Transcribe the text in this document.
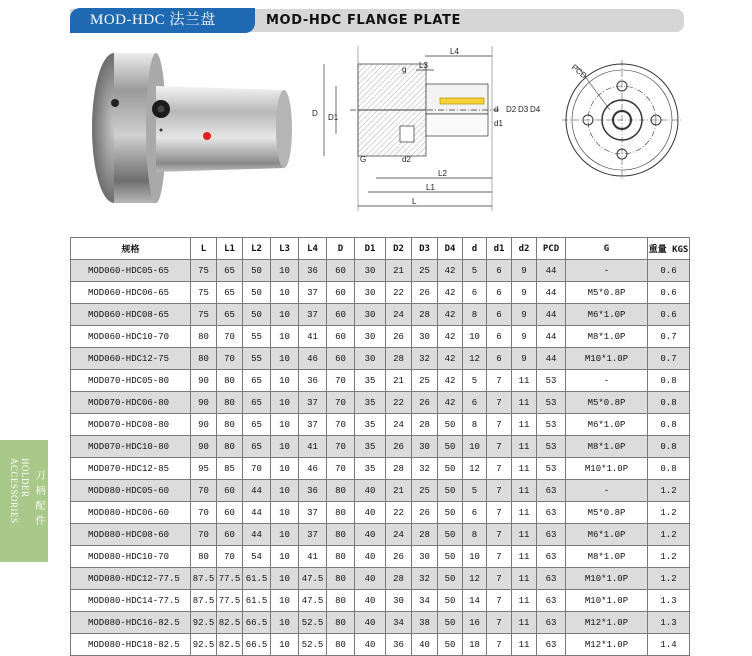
MOD-HDC 法兰盘	MOD-HDC FLANGE PLATE
刀柄配件
HOLDER
ACCESSORIES
L4
L3
g
D D1
d D2 D3 D4
d1
G	d2
L2
L1
L
PCD
规格	L	L1	L2	L3	L4	D	D1	D2	D3	D4	d	d1	d2	PCD	G	重量 KGS
MOD060-HDC05-65	75	65	50	10	36	60	30	21	25	42	5	6	9	44	-	0.6
MOD060-HDC06-65	75	65	50	10	37	60	30	22	26	42	6	6	9	44	M5*0.8P	0.6
MOD060-HDC08-65	75	65	50	10	37	60	30	24	28	42	8	6	9	44	M6*1.0P	0.6
MOD060-HDC10-70	80	70	55	10	41	60	30	26	30	42	10	6	9	44	M8*1.0P	0.7
MOD060-HDC12-75	80	70	55	10	46	60	30	28	32	42	12	6	9	44	M10*1.0P	0.7
MOD070-HDC05-80	90	80	65	10	36	70	35	21	25	42	5	7	11	53	-	0.8
MOD070-HDC06-80	90	80	65	10	37	70	35	22	26	42	6	7	11	53	M5*0.8P	0.8
MOD070-HDC08-80	90	80	65	10	37	70	35	24	28	50	8	7	11	53	M6*1.0P	0.8
MOD070-HDC10-80	90	80	65	10	41	70	35	26	30	50	10	7	11	53	M8*1.0P	0.8
MOD070-HDC12-85	95	85	70	10	46	70	35	28	32	50	12	7	11	53	M10*1.0P	0.8
MOD080-HDC05-60	70	60	44	10	36	80	40	21	25	50	5	7	11	63	-	1.2
MOD080-HDC06-60	70	60	44	10	37	80	40	22	26	50	6	7	11	63	M5*0.8P	1.2
MOD080-HDC08-60	70	60	44	10	37	80	40	24	28	50	8	7	11	63	M6*1.0P	1.2
MOD080-HDC10-70	80	70	54	10	41	80	40	26	30	50	10	7	11	63	M8*1.0P	1.2
MOD080-HDC12-77.5	87.5	77.5	61.5	10	47.5	80	40	28	32	50	12	7	11	63	M10*1.0P	1.2
MOD080-HDC14-77.5	87.5	77.5	61.5	10	47.5	80	40	30	34	50	14	7	11	63	M10*1.0P	1.3
MOD080-HDC16-82.5	92.5	82.5	66.5	10	52.5	80	40	34	38	50	16	7	11	63	M12*1.0P	1.3
MOD080-HDC18-82.5	92.5	82.5	66.5	10	52.5	80	40	36	40	50	18	7	11	63	M12*1.0P	1.4
